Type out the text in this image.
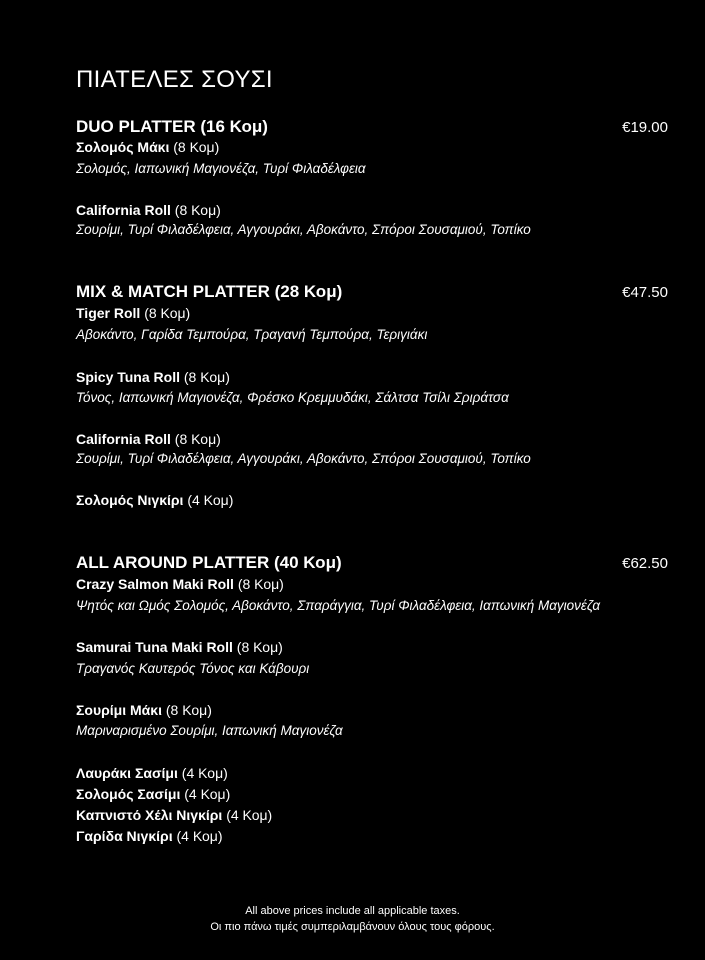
ΠΙΑΤΕΛΕΣ ΣΟΥΣΙ
DUO PLATTER (16 Κομ)	€19.00
Σολομός Μάκι (8 Κομ)
Σολομός, Ιαπωνική Μαγιονέζα, Τυρί Φιλαδέλφεια
California Roll (8 Κομ)
Σουρίμι, Τυρί Φιλαδέλφεια, Αγγουράκι, Αβοκάντο, Σπόροι Σουσαμιού, Τοπίκο
MIX & MATCH PLATTER (28 Κομ)	€47.50
Tiger Roll (8 Κομ)
Αβοκάντο, Γαρίδα Τεμπούρα, Τραγανή Τεμπούρα, Τεριγιάκι
Spicy Tuna Roll (8 Κομ)
Τόνος, Ιαπωνική Μαγιονέζα, Φρέσκο Κρεμμυδάκι, Σάλτσα Τσίλι Σριράτσα
California Roll (8 Κομ)
Σουρίμι, Τυρί Φιλαδέλφεια, Αγγουράκι, Αβοκάντο, Σπόροι Σουσαμιού, Τοπίκο
Σολομός Νιγκίρι (4 Κομ)
ALL AROUND PLATTER (40 Κομ)	€62.50
Crazy Salmon Maki Roll (8 Κομ)
Ψητός και Ωμός Σολομός, Αβοκάντο, Σπαράγγια, Τυρί Φιλαδέλφεια, Ιαπωνική Μαγιονέζα
Samurai Tuna Maki Roll (8 Κομ)
Τραγανός Καυτερός Τόνος και Κάβουρι
Σουρίμι Μάκι (8 Κομ)
Μαριναρισμένο Σουρίμι, Ιαπωνική Μαγιονέζα
Λαυράκι Σασίμι (4 Κομ)
Σολομός Σασίμι (4 Κομ)
Καπνιστό Χέλι Νιγκίρι (4 Κομ)
Γαρίδα Νιγκίρι (4 Κομ)
All above prices include all applicable taxes.
Οι πιο πάνω τιμές συμπεριλαμβάνουν όλους τους φόρους.
